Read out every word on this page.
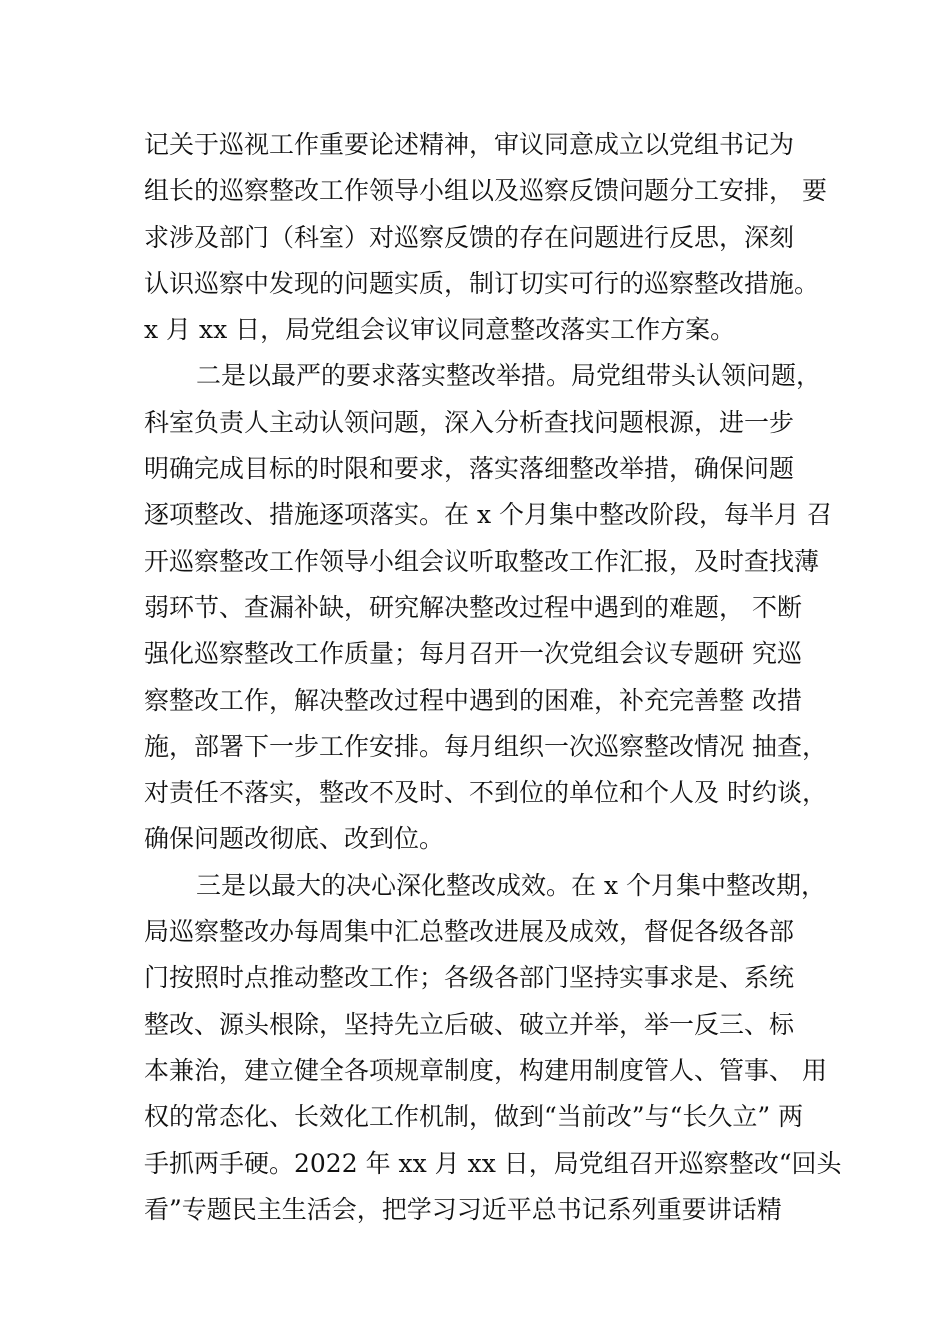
记关于巡视工作重要论述精神，审议同意成立以党组书记为
组长的巡察整改工作领导小组以及巡察反馈问题分工安排， 要
求涉及部门（科室）对巡察反馈的存在问题进行反思，深刻
认识巡察中发现的问题实质，制订切实可行的巡察整改措施。
x 月 xx 日，局党组会议审议同意整改落实工作方案。
二是以最严的要求落实整改举措。局党组带头认领问题，
科室负责人主动认领问题，深入分析查找问题根源，进一步
明确完成目标的时限和要求，落实落细整改举措，确保问题
逐项整改、措施逐项落实。在 x 个月集中整改阶段，每半月 召
开巡察整改工作领导小组会议听取整改工作汇报，及时查找薄
弱环节、查漏补缺，研究解决整改过程中遇到的难题， 不断
强化巡察整改工作质量；每月召开一次党组会议专题研 究巡
察整改工作，解决整改过程中遇到的困难，补充完善整 改措
施，部署下一步工作安排。每月组织一次巡察整改情况 抽查，
对责任不落实，整改不及时、不到位的单位和个人及 时约谈，
确保问题改彻底、改到位。
三是以最大的决心深化整改成效。在 x 个月集中整改期，
局巡察整改办每周集中汇总整改进展及成效，督促各级各部
门按照时点推动整改工作；各级各部门坚持实事求是、系统
整改、源头根除，坚持先立后破、破立并举，举一反三、标
本兼治，建立健全各项规章制度，构建用制度管人、管事、 用
权的常态化、长效化工作机制，做到“当前改”与“长久立” 两
手抓两手硬。2022 年 xx 月 xx 日，局党组召开巡察整改“回头
看”专题民主生活会，把学习习近平总书记系列重要讲话精
